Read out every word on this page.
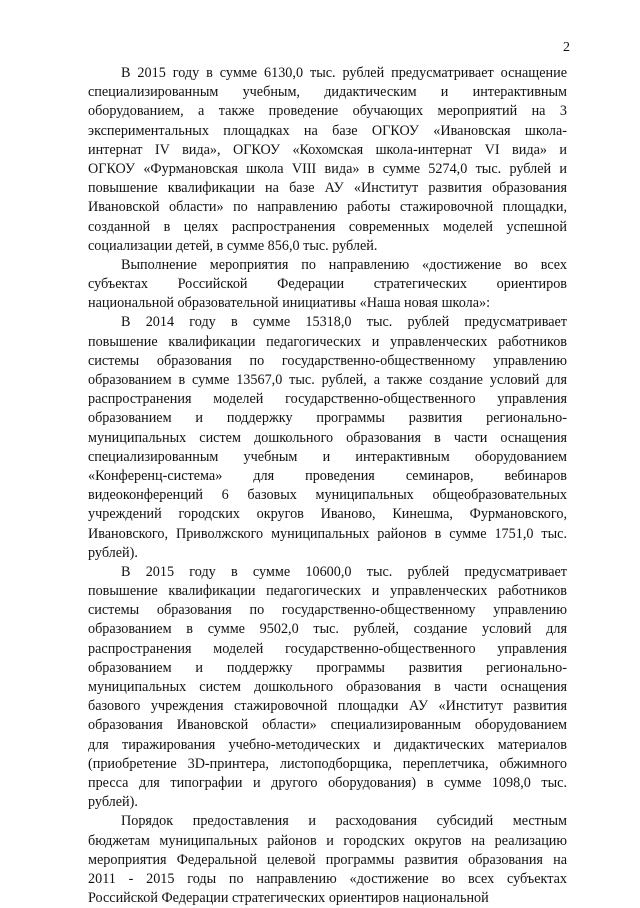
2
В 2015 году в сумме 6130,0 тыс. рублей предусматривает оснащение
специализированным учебным, дидактическим и интерактивным
оборудованием, а также проведение обучающих мероприятий на 3
экспериментальных площадках на базе ОГКОУ «Ивановская школа-
интернат IV вида», ОГКОУ «Кохомская школа-интернат VI вида» и
ОГКОУ «Фурмановская школа VIII вида» в сумме 5274,0 тыс. рублей и
повышение квалификации на базе АУ «Институт развития образования
Ивановской области» по направлению работы стажировочной площадки,
созданной в целях распространения современных моделей успешной
социализации детей, в сумме 856,0 тыс. рублей.
Выполнение мероприятия по направлению «достижение во всех
субъектах Российской Федерации стратегических ориентиров
национальной образовательной инициативы «Наша новая школа»:
В 2014 году в сумме 15318,0 тыс. рублей предусматривает
повышение квалификации педагогических и управленческих работников
системы образования по государственно-общественному управлению
образованием в сумме 13567,0 тыс. рублей, а также создание условий для
распространения моделей государственно-общественного управления
образованием и поддержку программы развития регионально-
муниципальных систем дошкольного образования в части оснащения
специализированным учебным и интерактивным оборудованием
«Конференц-система» для проведения семинаров, вебинаров
видеоконференций 6 базовых муниципальных общеобразовательных
учреждений городских округов Иваново, Кинешма, Фурмановского,
Ивановского, Приволжского муниципальных районов в сумме 1751,0 тыс.
рублей).
В 2015 году в сумме 10600,0 тыс. рублей предусматривает
повышение квалификации педагогических и управленческих работников
системы образования по государственно-общественному управлению
образованием в сумме 9502,0 тыс. рублей, создание условий для
распространения моделей государственно-общественного управления
образованием и поддержку программы развития регионально-
муниципальных систем дошкольного образования в части оснащения
базового учреждения стажировочной площадки АУ «Институт развития
образования Ивановской области» специализированным оборудованием
для тиражирования учебно-методических и дидактических материалов
(приобретение 3D-принтера, листоподборщика, переплетчика, обжимного
пресса для типографии и другого оборудования) в сумме 1098,0 тыс.
рублей).
Порядок предоставления и расходования субсидий местным
бюджетам муниципальных районов и городских округов на реализацию
мероприятия Федеральной целевой программы развития образования на
2011 - 2015 годы по направлению «достижение во всех субъектах
Российской Федерации стратегических ориентиров национальной
